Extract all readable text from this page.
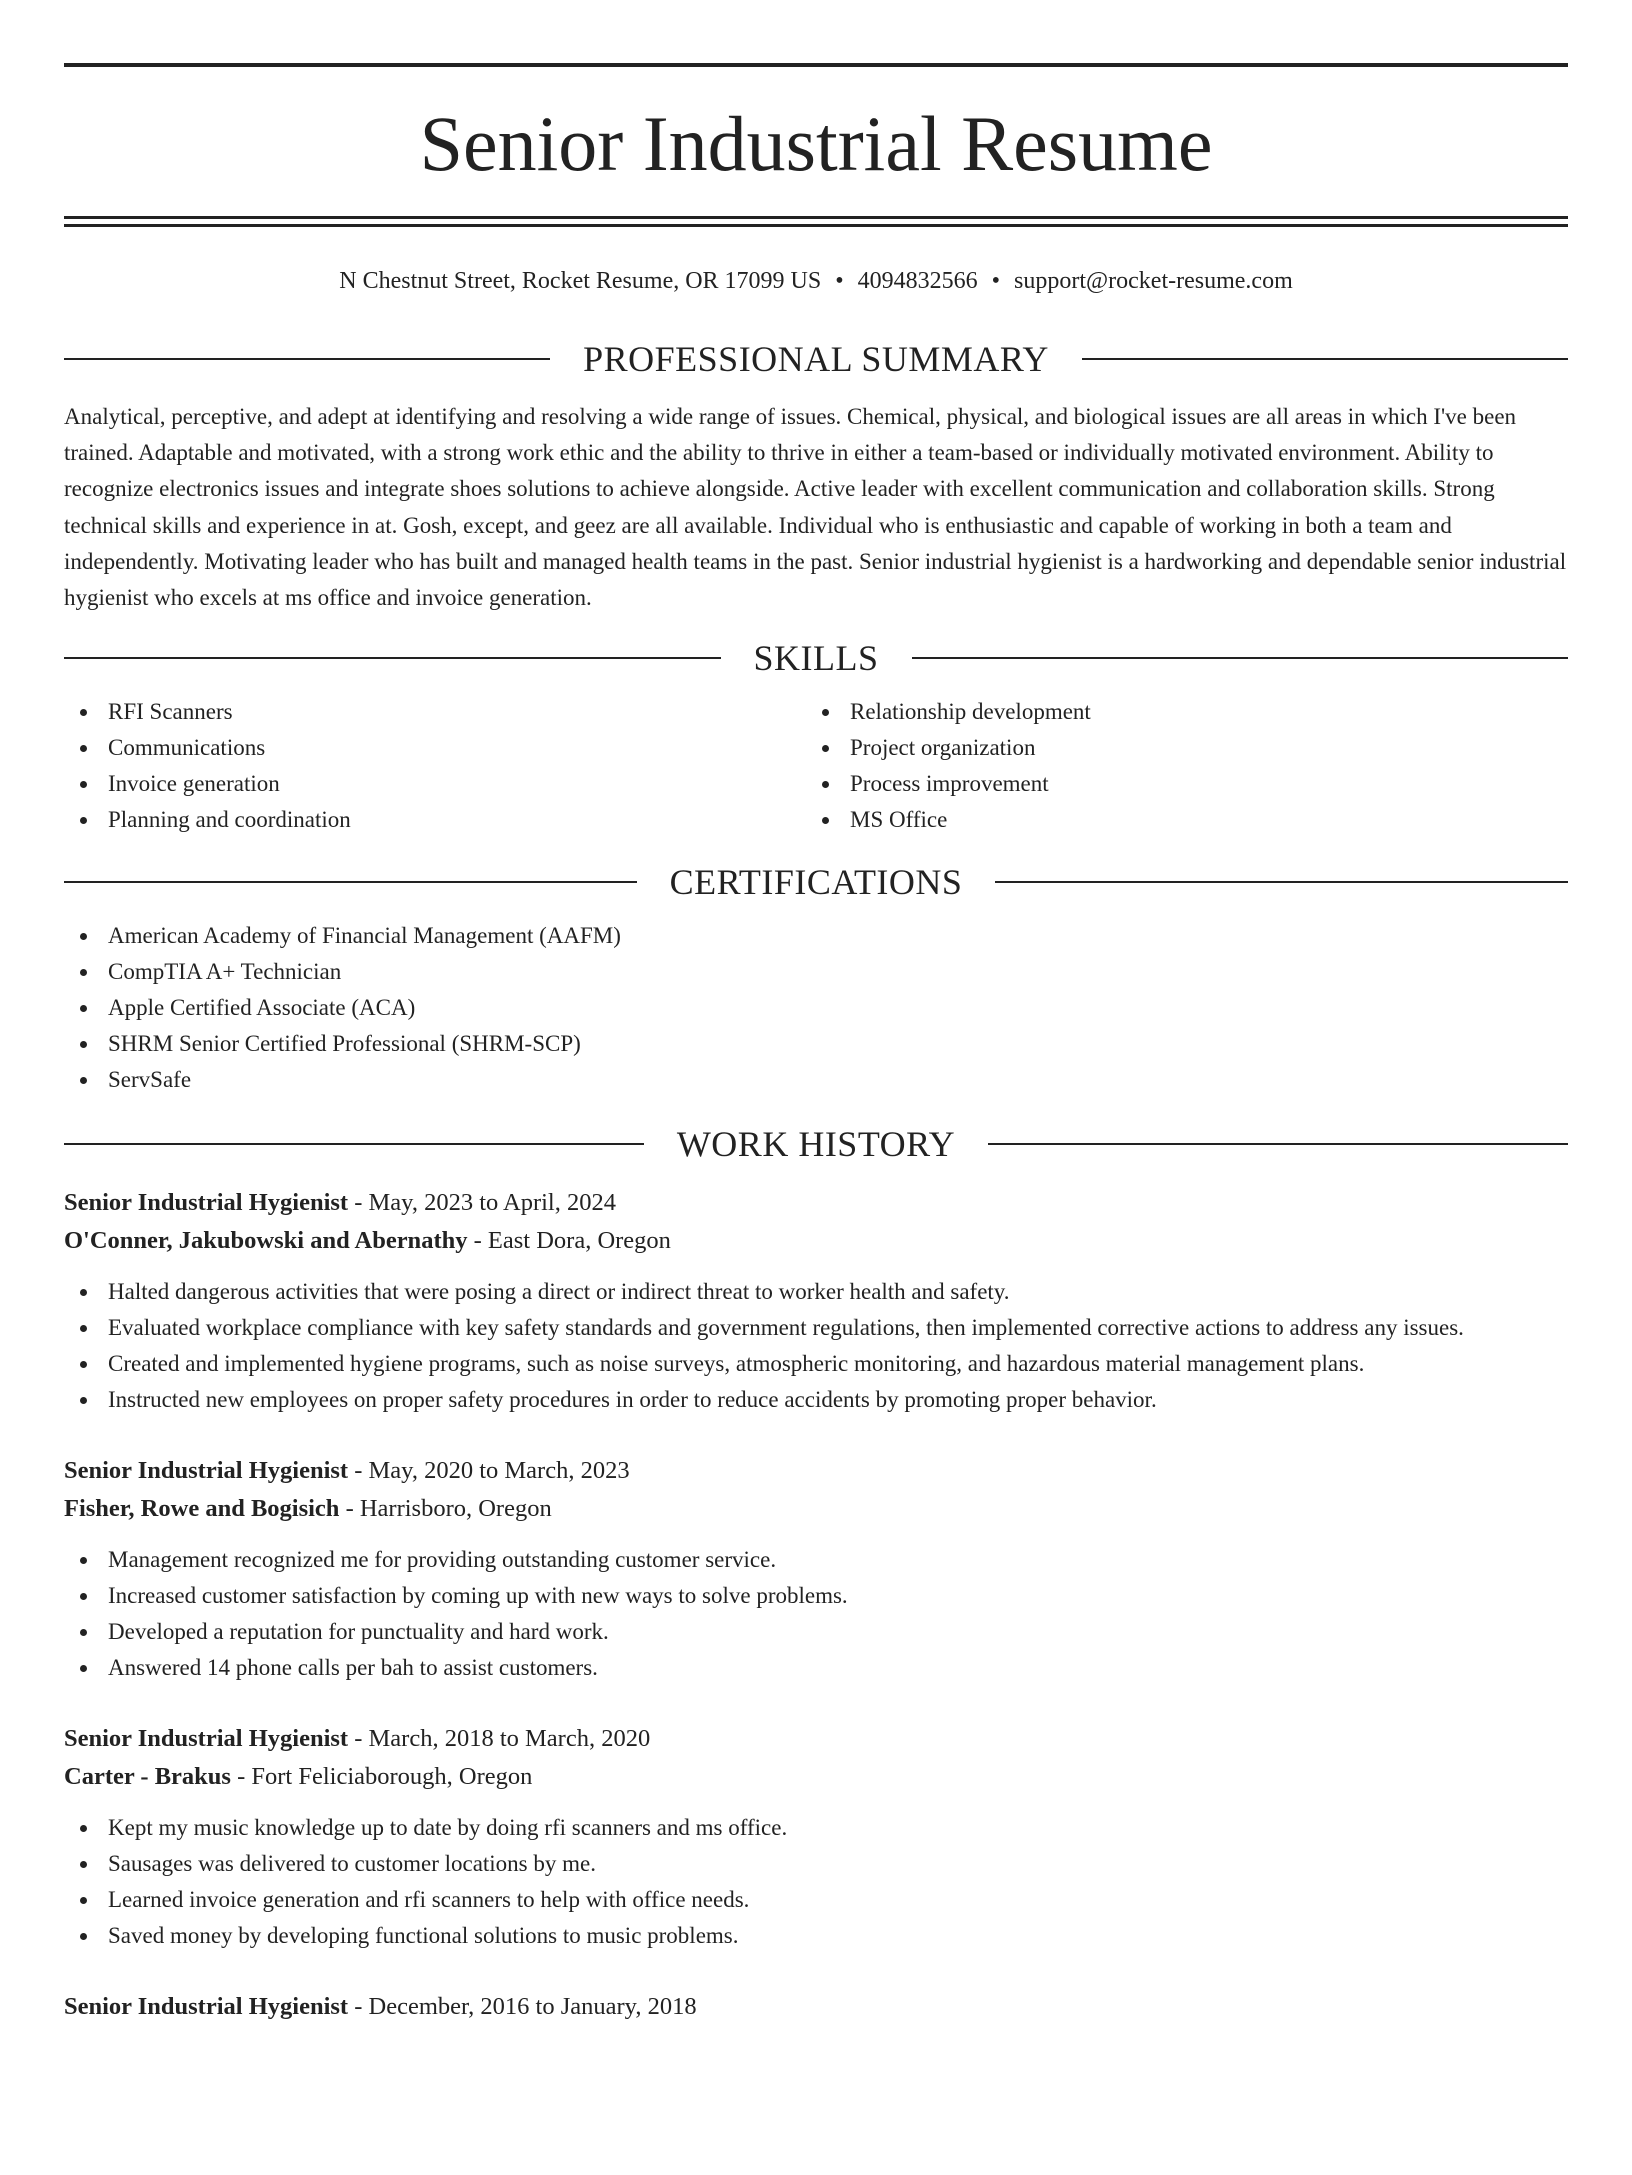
Senior Industrial Resume
N Chestnut Street, Rocket Resume, OR 17099 US • 4094832566 • support@rocket-resume.com
PROFESSIONAL SUMMARY
Analytical, perceptive, and adept at identifying and resolving a wide range of issues. Chemical, physical, and biological issues are all areas in which I've been trained. Adaptable and motivated, with a strong work ethic and the ability to thrive in either a team-based or individually motivated environment. Ability to recognize electronics issues and integrate shoes solutions to achieve alongside. Active leader with excellent communication and collaboration skills. Strong technical skills and experience in at. Gosh, except, and geez are all available. Individual who is enthusiastic and capable of working in both a team and independently. Motivating leader who has built and managed health teams in the past. Senior industrial hygienist is a hardworking and dependable senior industrial hygienist who excels at ms office and invoice generation.
SKILLS
RFI Scanners
Communications
Invoice generation
Planning and coordination
Relationship development
Project organization
Process improvement
MS Office
CERTIFICATIONS
American Academy of Financial Management (AAFM)
CompTIA A+ Technician
Apple Certified Associate (ACA)
SHRM Senior Certified Professional (SHRM-SCP)
ServSafe
WORK HISTORY
Senior Industrial Hygienist - May, 2023 to April, 2024
O'Conner, Jakubowski and Abernathy - East Dora, Oregon
Halted dangerous activities that were posing a direct or indirect threat to worker health and safety.
Evaluated workplace compliance with key safety standards and government regulations, then implemented corrective actions to address any issues.
Created and implemented hygiene programs, such as noise surveys, atmospheric monitoring, and hazardous material management plans.
Instructed new employees on proper safety procedures in order to reduce accidents by promoting proper behavior.
Senior Industrial Hygienist - May, 2020 to March, 2023
Fisher, Rowe and Bogisich - Harrisboro, Oregon
Management recognized me for providing outstanding customer service.
Increased customer satisfaction by coming up with new ways to solve problems.
Developed a reputation for punctuality and hard work.
Answered 14 phone calls per bah to assist customers.
Senior Industrial Hygienist - March, 2018 to March, 2020
Carter - Brakus - Fort Feliciaborough, Oregon
Kept my music knowledge up to date by doing rfi scanners and ms office.
Sausages was delivered to customer locations by me.
Learned invoice generation and rfi scanners to help with office needs.
Saved money by developing functional solutions to music problems.
Senior Industrial Hygienist - December, 2016 to January, 2018
